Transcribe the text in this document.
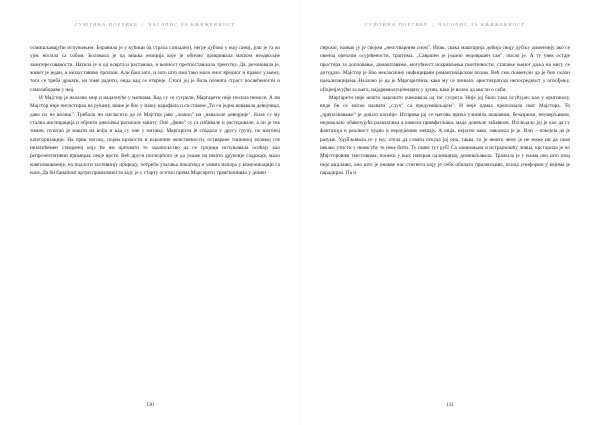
СУШТИНА ПОЕТИКЕ | ЧАСОПИС ЗА КЊИЖЕВНОСТ

осмишљавајући испуњењем. Боравила је у кућици од страха сазидано), негде дубоко у њој самој, још је та ко ујек носила са собом. Боловала је од вишка емоција које је обично прикривала маском неодвољне заинтересованости. Патила је и од осврта и растанака, и вечност претпостављала тренутку. Да, резоновала је, живот је један, и незауставиво пролази. Али баш зато, и зато што има тако мало оног вредног и правог у њему, тога се треба држати, на томе радити, онда кад се открије. Стога јој је била позната страст посвећености и самозаборава у њој.

И Мајстор је налазио мир и надахнуће у њеmaма. Кад су се сусрели, Маргарети није носила немосе. А ни Мајстор није инсистирао на руkaму, више је био у знаку карафила и са ставом „Ти си једна невавала девојчица, дако их не волиш". Требало ни нагласити да се Мајстор јаво „ложио" на „невалале девојрије". Биле су му стална инспирација и објекти дивљења расипале машту. Оне „фине" су га избивале и растеривале, а он је тек тиман, пуштао је машти на воlju и кад су оне у питању. Маргарити је спадала у другу групу, по његовој категоризацији. На први поглед, појам крхкости и искончне женствености, остварене типичној мушкој гле незатићемен створеној коју ће им прихвати то задовољство да се тројици испуњавала осећају као репрезентативни примерак своје врсте. Већ други погледmого је да укаже на нешто друкчије садржаје, мало комплекованије, на подлоги захтевнију природу, потреби улагања покатнод и умних напора у комуникацији са њом. Да би банalnost вртри привлачности коју је у старту осетио према Маргарети транспонивао у домен

130
СУШТИНА ПОЕТИКЕ | ЧАСОПИС ЗА КЊИЖЕВНОСТ

лирског, назвао ју је својим „неостварним сном". Ипак, свака маштарија добија своју дубљу димензију ако се овенча ореолом осујећености, трагизма. „Савршен је једино недовршен сан", писао је. А ту увек остаје простора за допловање, домаштавање, могућност искривљења поетичности, стапање њеног даља на нису се дотудале. Мајстор је био некласично инфицирани романтичарском позом. Већ смо поменули да је био склон идеализацијама. Налазио је да је Маргаритина, како му се чинило, аристократска непосредност у опхођењу, оfinjeнjavyjћи за њега, најдрвеволуционарну у души, како је волео да мисли о себи.

Маргарети није нешто нарочито очекивала од тог сусрета. Није јој било тако осућуjaн, као у оригиналу, виде би се могао назвати „случ" са предумишљајем". И није одмах препознала свог Мајстора. То „препознавање" је дошло касније. Исприва јој се његова прича учинила шашавом, безазрном, неуверљивом, недовољно обавезујућа развлагања а камоли привфатљива, мада донекле забавном. Изгледало јој је као да су фантазија и реалност чудно и нераyjьчиво мешају. А онда, нејасно како, заволела је је. Или – покеjela да је разуме. Удубљивала се у њу, хтела да схвати откуда јој она, таква, то је нешто чему је не може ни да сама некако утисти у немогућу те неке бити. Ту сваке тут руб! Са занимањем и истрајношћу ловца, крстарила је по Мајсторовим текстовима, понеки у њих натеран одломцима, домишљавала. Тражила је у њима оно што онај није видљиво, оно што је онакве нас стигнета коју је себи обилато прилепљиво, испод униформи у којима је парадирао. Па и

131
